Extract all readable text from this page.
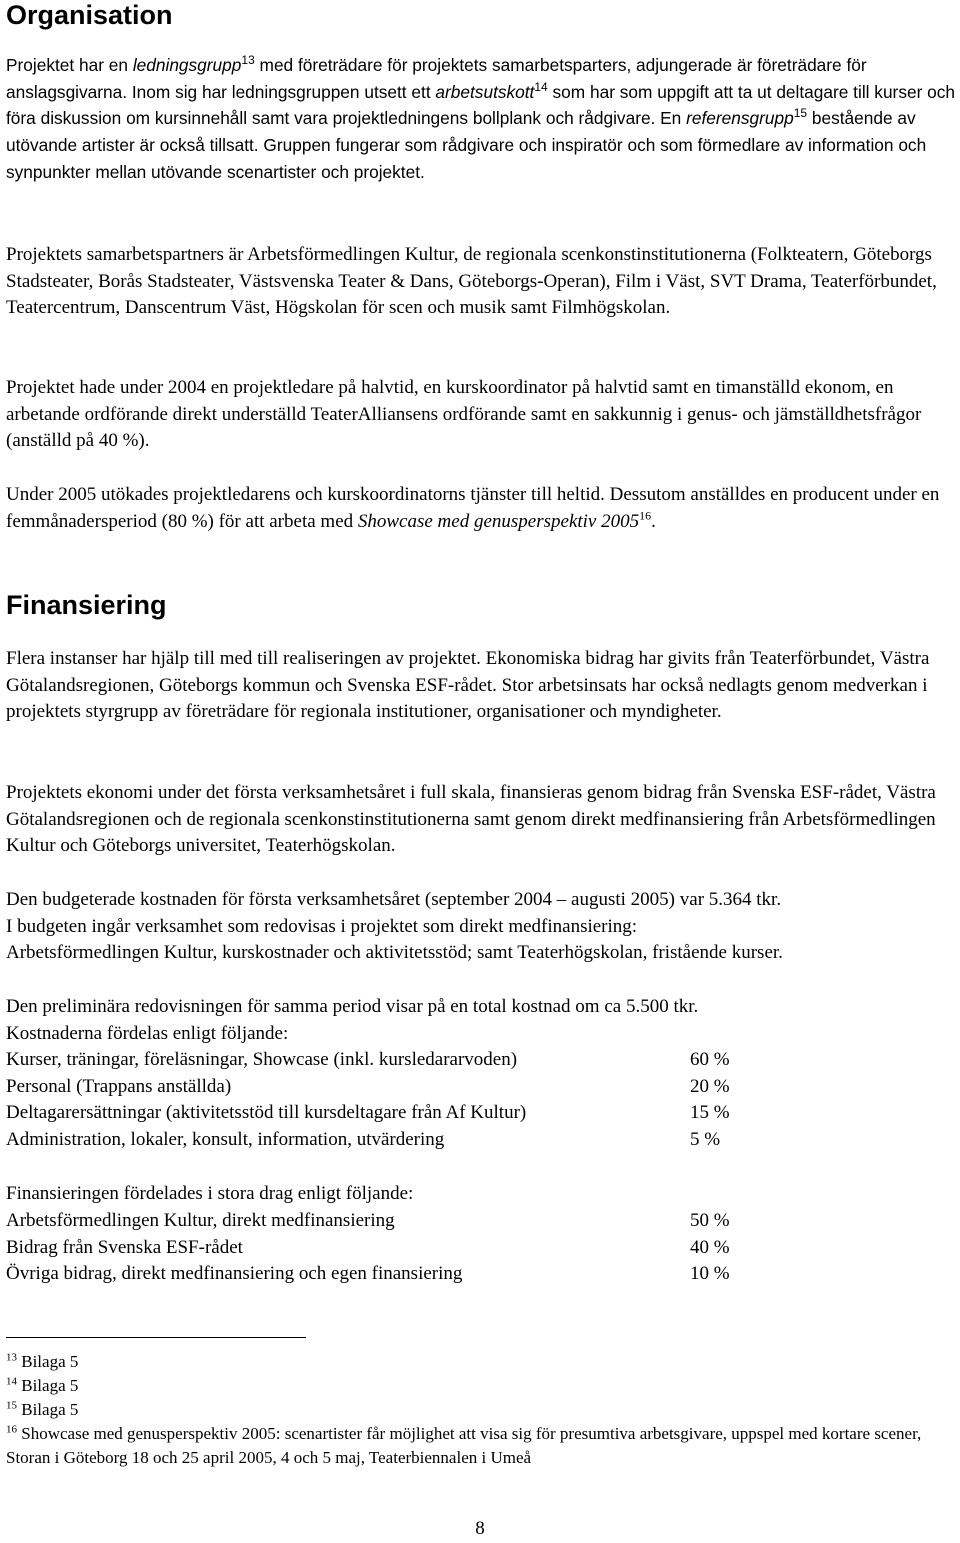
Organisation

Projektet har en ledningsgrupp$^{13}$ med företrädare för projektets samarbetsparters, adjungerade är företrädare för anslagsgivarna. Inom sig har ledningsgruppen utsett ett arbetsutskott$^{14}$ som har som uppgift att ta ut deltagare till kurser och föra diskussion om kursinnehåll samt vara projektledningens bollplank och rådgivare. En referensgrupp$^{15}$ bestående av utövande artister är också tillsatt. Gruppen fungerar som rådgivare och inspiratör och som förmedlare av information och synpunkter mellan utövande scenartister och projektet.

Projektets samarbetspartners är Arbetsförmedlingen Kultur, de regionala scenkonstinstitutionerna (Folkteatern, Göteborgs Stadsteater, Borås Stadsteater, Västsvenska Teater & Dans, Göteborgs-Operan), Film i Väst, SVT Drama, Teaterförbundet, Teatercentrum, Danscentrum Väst, Högskolan för scen och musik samt Filmhögskolan.

Projektet hade under 2004 en projektledare på halvtid, en kurskoordinator på halvtid samt en timanställd ekonom, en arbetande ordförande direkt underställd TeaterAlliansens ordförande samt en sakkunnig i genus- och jämställdhetsfrågor (anställd på 40 %).

Under 2005 utökades projektledarens och kurskoordinatorns tjänster till heltid. Dessutom anställdes en producent under en femmånadersperiod (80 %) för att arbeta med Showcase med genusperspektiv 2005$^{16}$.

Finansiering

Flera instanser har hjälp till med till realiseringen av projektet. Ekonomiska bidrag har givits från Teaterförbundet, Västra Götalandsregionen, Göteborgs kommun och Svenska ESF-rådet. Stor arbetsinsats har också nedlagts genom medverkan i projektets styrgrupp av företrädare för regionala institutioner, organisationer och myndigheter.

Projektets ekonomi under det första verksamhetsåret i full skala, finansieras genom bidrag från Svenska ESF-rådet, Västra Götalandsregionen och de regionala scenkonstinstitutionerna samt genom direkt medfinansiering från Arbetsförmedlingen Kultur och Göteborgs universitet, Teaterhögskolan.

Den budgeterade kostnaden för första verksamhetsåret (september 2004 – augusti 2005) var 5.364 tkr.
I budgeten ingår verksamhet som redovisas i projektet som direkt medfinansiering:
Arbetsförmedlingen Kultur, kurskostnader och aktivitetsstöd; samt Teaterhögskolan, fristående kurser.

Den preliminära redovisningen för samma period visar på en total kostnad om ca 5.500 tkr.
Kostnaderna fördelas enligt följande:

Kurser, träningar, föreläsningar, Showcase (inkl. kursledararvoden)	60 %
Personal (Trappans anställda)	20 %
Deltagarersättningar (aktivitetsstöd till kursdeltagare från Af Kultur)	15 %
Administration, lokaler, konsult, information, utvärdering	5 %

Finansieringen fördelades i stora drag enligt följande:

Arbetsförmedlingen Kultur, direkt medfinansiering	50 %
Bidrag från Svenska ESF-rådet	40 %
Övriga bidrag, direkt medfinansiering och egen finansiering	10 %
$^{13}$ Bilaga 5
$^{14}$ Bilaga 5
$^{15}$ Bilaga 5
$^{16}$ Showcase med genusperspektiv 2005: scenartister får möjlighet att visa sig för presumtiva arbetsgivare, uppspel med kortare scener, Storan i Göteborg 18 och 25 april 2005, 4 och 5 maj, Teaterbiennalen i Umeå
8
